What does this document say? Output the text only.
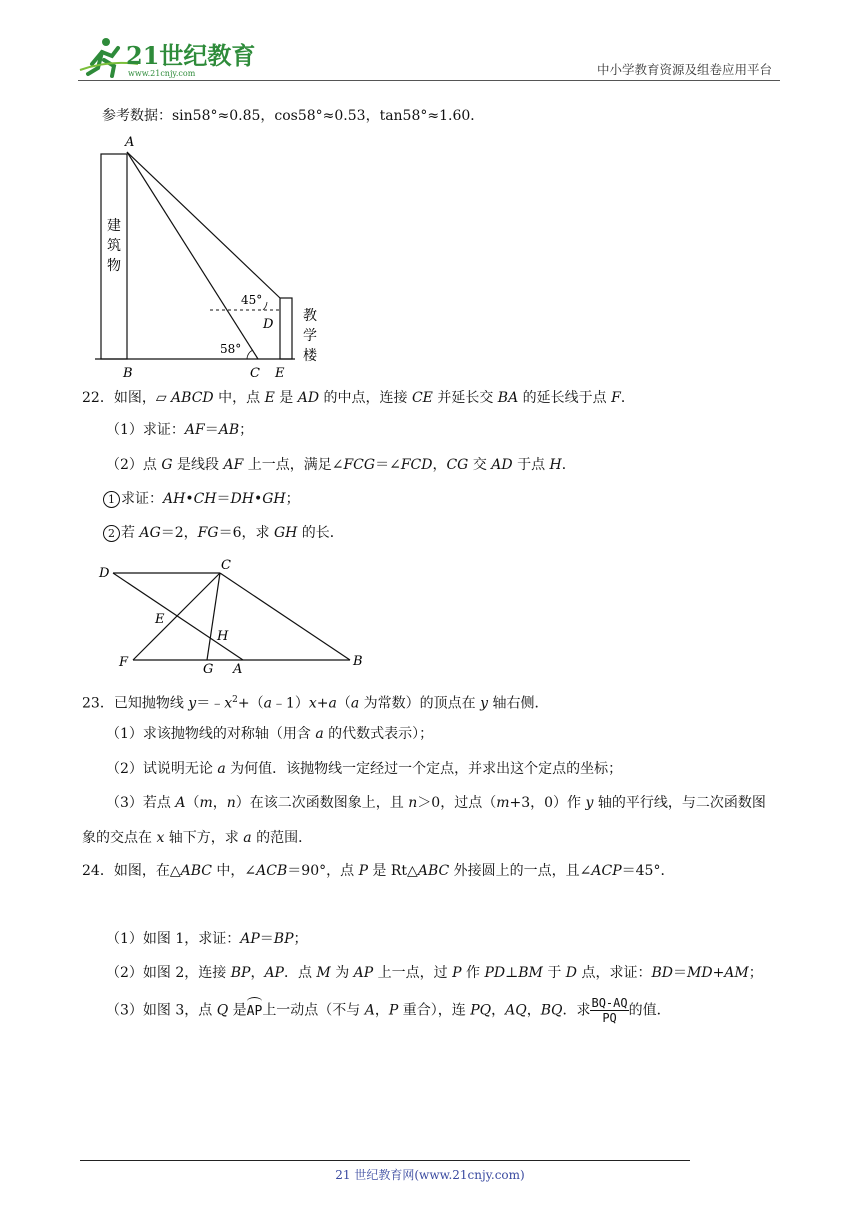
21世纪教育
www.21cnjy.com	中小学教育资源及组卷应用平台
参考数据：sin58°≈0.85，cos58°≈0.53，tan58°≈1.60．
A
B	C E
D
45°
58°
建筑物
教学楼
22．如图，▱ ABCD 中，点 E 是 AD 的中点，连接 CE 并延长交 BA 的延长线于点 F．
（1）求证：AF＝AB；
（2）点 G 是线段 AF 上一点，满足∠FCG＝∠FCD，CG 交 AD 于点 H．
1 求证：AH•CH＝DH•GH；
2 若 AG＝2，FG＝6，求 GH 的长．
D
C
E
H
F	G A
B
23．已知抛物线 $y=﹣x^2+(a﹣1)x+a(a$ 为常数）的顶点在 y 轴右侧．
（1）求该抛物线的对称轴（用含 a 的代数式表示）；
（2）试说明无论 a 为何值．该抛物线一定经过一个定点，并求出这个定点的坐标；
（3）若点 A（m，n）在该二次函数图象上，且 n＞0，过点（m+3，0）作 y 轴的平行线，与二次函数图
象的交点在 x 轴下方，求 a 的范围．
24．如图，在△ABC 中，∠ACB＝90°，点 P 是 Rt△ABC 外接圆上的一点，且∠ACP＝45°．
（1）如图 1，求证：AP＝BP；
（2）如图 2，连接 BP，AP．点 M 为 AP 上一点，过 P 作 PD⊥BM 于 D 点，求证：BD＝MD+AM；
（3）如图 3，点 Q 是AP上一动点（不与 A，P 重合），连 PQ，AQ，BQ．求 $\frac{BQ-AQ}{PQ}$ 的值．
21 世纪教育网(www.21cnjy.com)
